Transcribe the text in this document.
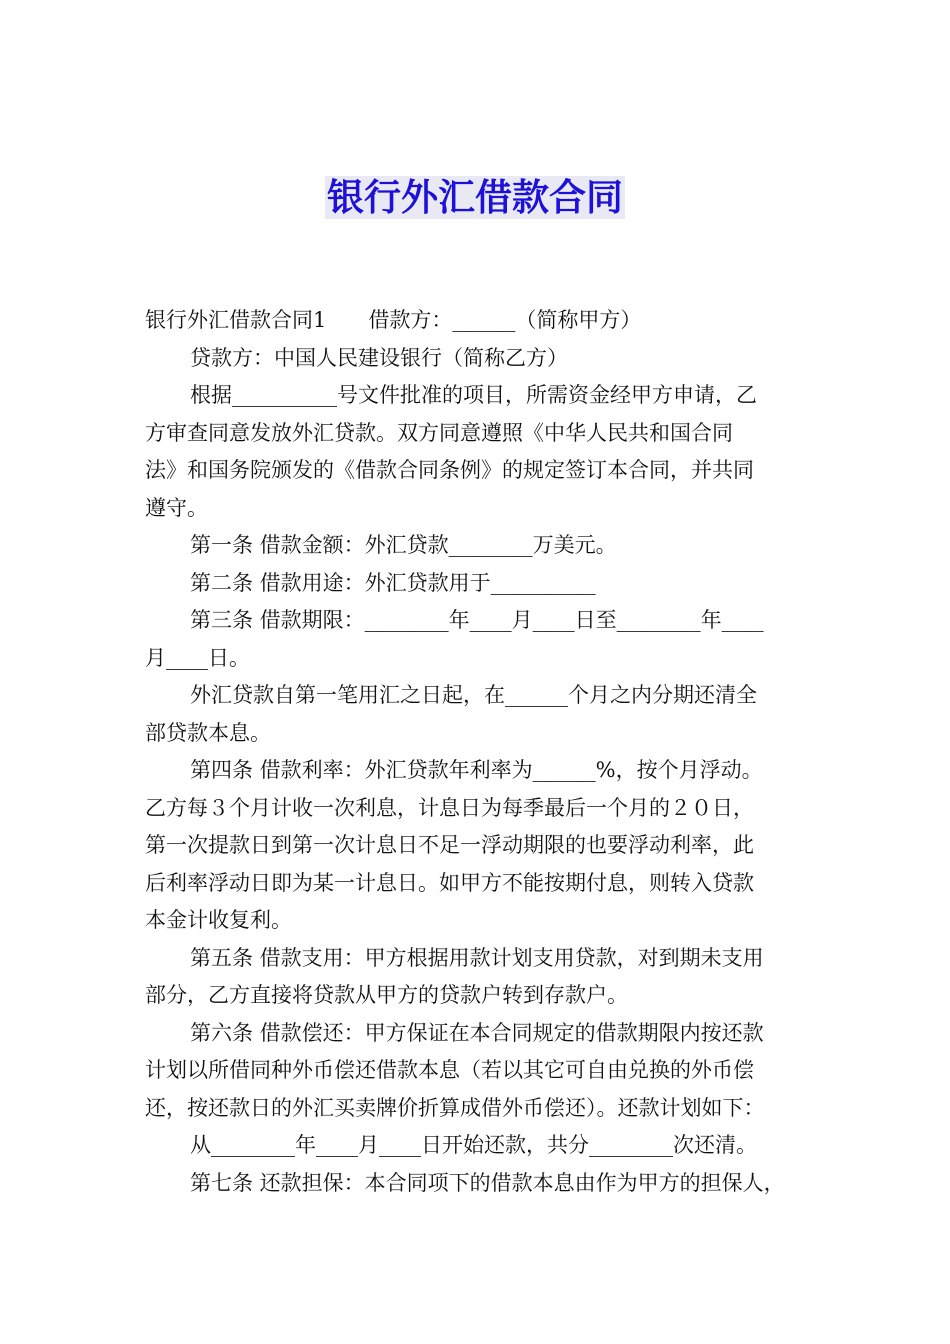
银行外汇借款合同
银行外汇借款合同1　　借款方：______（简称甲方）
贷款方：中国人民建设银行（简称乙方）
根据__________号文件批准的项目，所需资金经甲方申请，乙
方审查同意发放外汇贷款。双方同意遵照《中华人民共和国合同
法》和国务院颁发的《借款合同条例》的规定签订本合同，并共同
遵守。
第一条 借款金额：外汇贷款________万美元。
第二条 借款用途：外汇贷款用于__________
第三条 借款期限：________年____月____日至________年____
月____日。
外汇贷款自第一笔用汇之日起，在______个月之内分期还清全
部贷款本息。
第四条 借款利率：外汇贷款年利率为______%，按个月浮动。
乙方每３个月计收一次利息，计息日为每季最后一个月的２０日，
第一次提款日到第一次计息日不足一浮动期限的也要浮动利率，此
后利率浮动日即为某一计息日。如甲方不能按期付息，则转入贷款
本金计收复利。
第五条 借款支用：甲方根据用款计划支用贷款，对到期未支用
部分，乙方直接将贷款从甲方的贷款户转到存款户。
第六条 借款偿还：甲方保证在本合同规定的借款期限内按还款
计划以所借同种外币偿还借款本息（若以其它可自由兑换的外币偿
还，按还款日的外汇买卖牌价折算成借外币偿还）。还款计划如下：
从________年____月____日开始还款，共分________次还清。
第七条 还款担保：本合同项下的借款本息由作为甲方的担保人，
